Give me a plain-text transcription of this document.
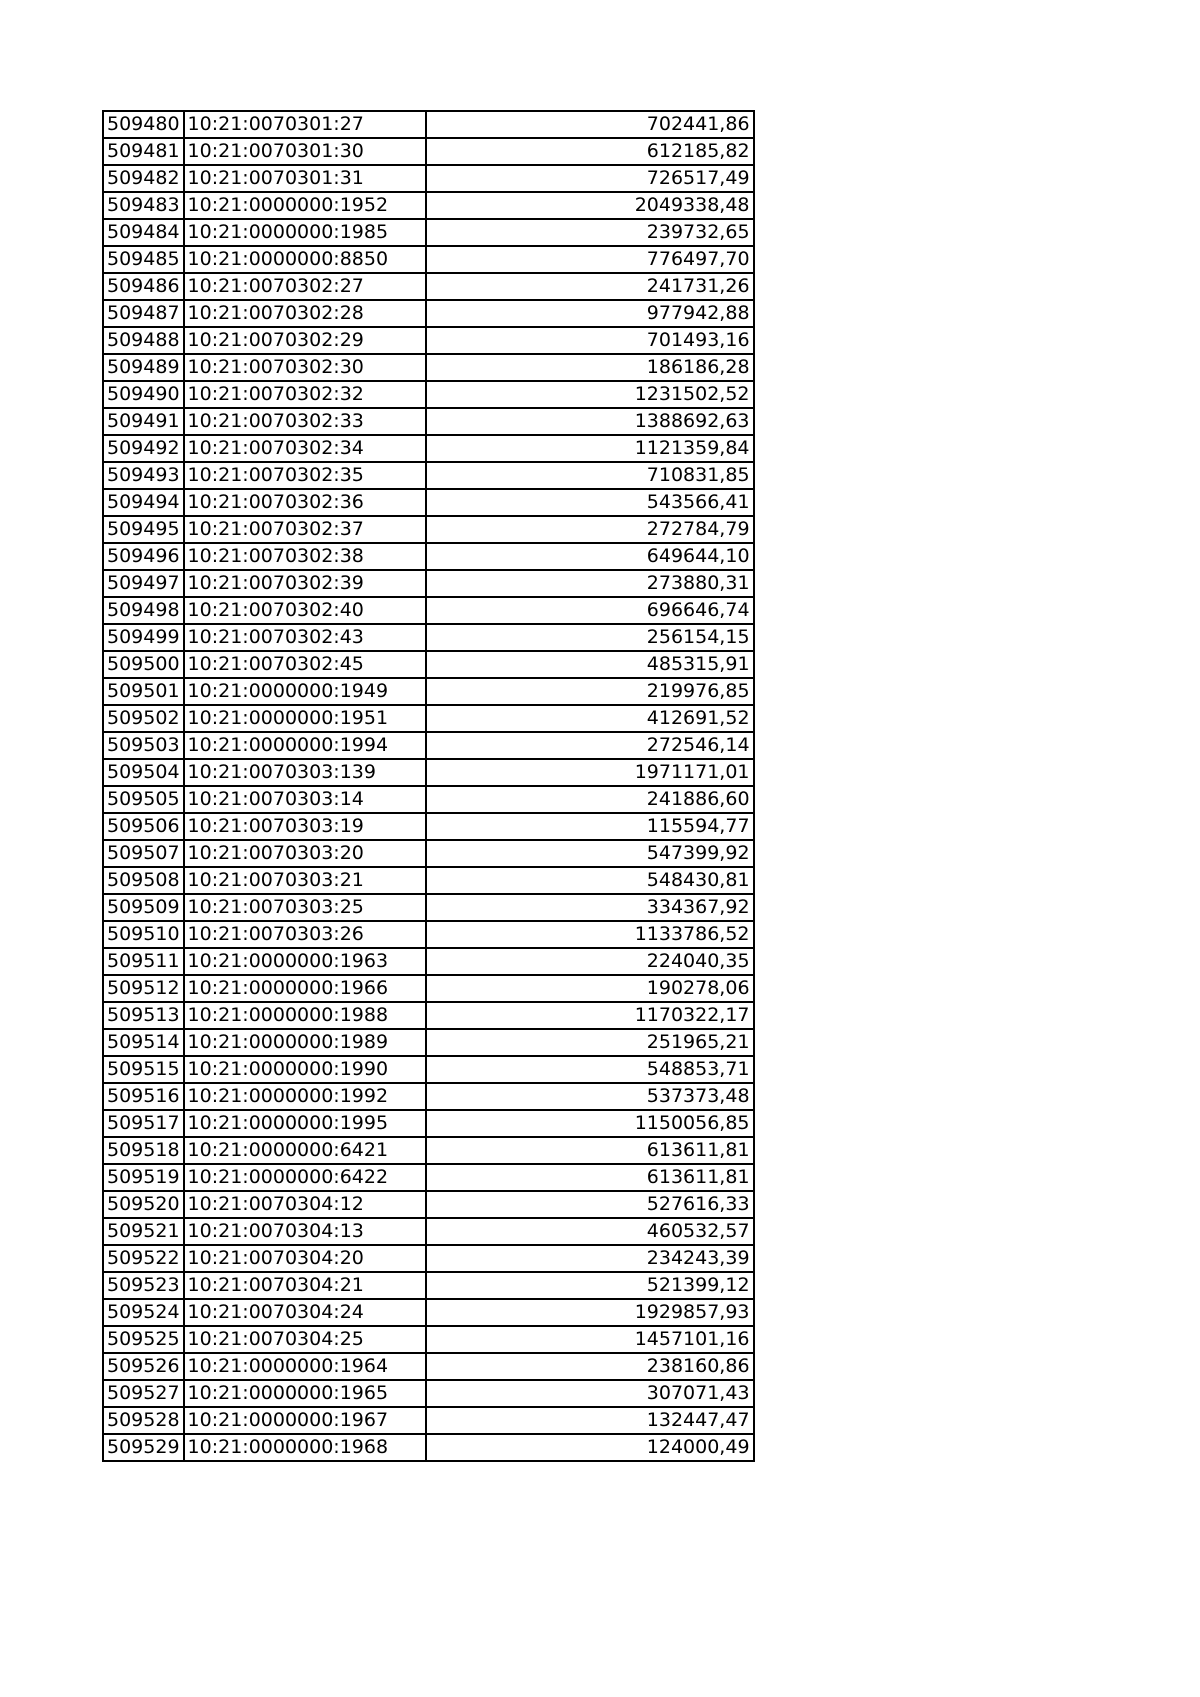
509480	10:21:0070301:27	702441,86
509481	10:21:0070301:30	612185,82
509482	10:21:0070301:31	726517,49
509483	10:21:0000000:1952	2049338,48
509484	10:21:0000000:1985	239732,65
509485	10:21:0000000:8850	776497,70
509486	10:21:0070302:27	241731,26
509487	10:21:0070302:28	977942,88
509488	10:21:0070302:29	701493,16
509489	10:21:0070302:30	186186,28
509490	10:21:0070302:32	1231502,52
509491	10:21:0070302:33	1388692,63
509492	10:21:0070302:34	1121359,84
509493	10:21:0070302:35	710831,85
509494	10:21:0070302:36	543566,41
509495	10:21:0070302:37	272784,79
509496	10:21:0070302:38	649644,10
509497	10:21:0070302:39	273880,31
509498	10:21:0070302:40	696646,74
509499	10:21:0070302:43	256154,15
509500	10:21:0070302:45	485315,91
509501	10:21:0000000:1949	219976,85
509502	10:21:0000000:1951	412691,52
509503	10:21:0000000:1994	272546,14
509504	10:21:0070303:139	1971171,01
509505	10:21:0070303:14	241886,60
509506	10:21:0070303:19	115594,77
509507	10:21:0070303:20	547399,92
509508	10:21:0070303:21	548430,81
509509	10:21:0070303:25	334367,92
509510	10:21:0070303:26	1133786,52
509511	10:21:0000000:1963	224040,35
509512	10:21:0000000:1966	190278,06
509513	10:21:0000000:1988	1170322,17
509514	10:21:0000000:1989	251965,21
509515	10:21:0000000:1990	548853,71
509516	10:21:0000000:1992	537373,48
509517	10:21:0000000:1995	1150056,85
509518	10:21:0000000:6421	613611,81
509519	10:21:0000000:6422	613611,81
509520	10:21:0070304:12	527616,33
509521	10:21:0070304:13	460532,57
509522	10:21:0070304:20	234243,39
509523	10:21:0070304:21	521399,12
509524	10:21:0070304:24	1929857,93
509525	10:21:0070304:25	1457101,16
509526	10:21:0000000:1964	238160,86
509527	10:21:0000000:1965	307071,43
509528	10:21:0000000:1967	132447,47
509529	10:21:0000000:1968	124000,49
